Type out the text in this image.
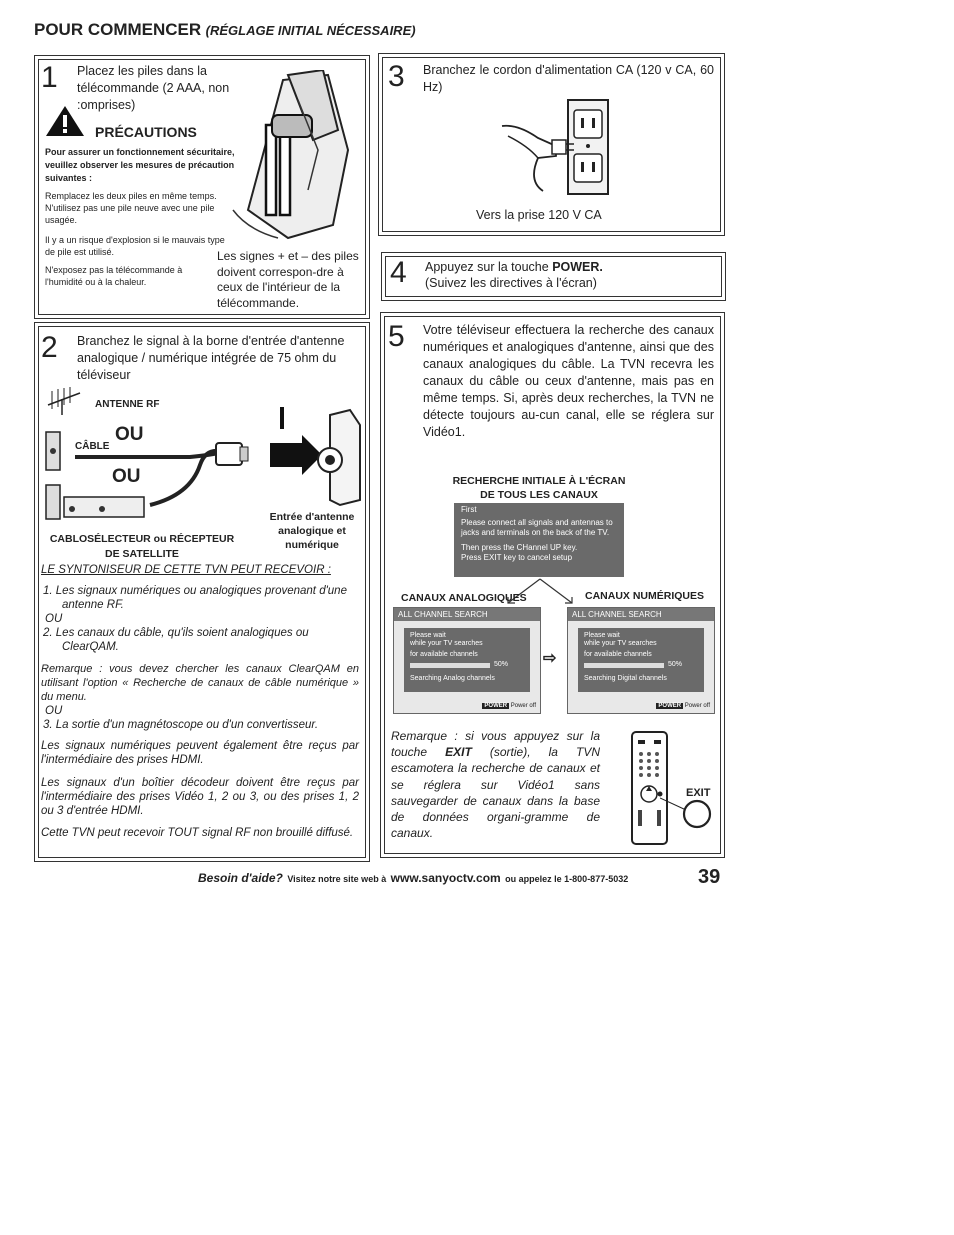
POUR COMMENCER (RÉGLAGE INITIAL NÉCESSAIRE)
1 Placez les piles dans la
télécommande (2 AAA, non
:omprises)
PRÉCAUTIONS
Pour assurer un fonctionnement sécuritaire, veuillez observer les mesures de précaution suivantes :
Remplacez les deux piles en même temps. N'utilisez pas une pile neuve avec une pile usagée.
Il y a un risque d'explosion si le mauvais type de pile est utilisé.
N'exposez pas la télécommande à l'humidité ou à la chaleur.
Les signes + et – des piles doivent correspon-dre à ceux de l'intérieur de la télécommande.
2 Branchez le signal à la borne d'entrée d'antenne analogique / numérique intégrée de 75 ohm du téléviseur
ANTENNE RF
OU
CÂBLE
OU
Entrée d'antenne analogique et numérique
CABLOSÉLECTEUR ou RÉCEPTEUR DE SATELLITE
LE SYNTONISEUR DE CETTE TVN PEUT RECEVOIR :
1. Les signaux numériques ou analogiques provenant d'une antenne RF.
OU
2. Les canaux du câble, qu'ils soient analogiques ou ClearQAM.
Remarque : vous devez chercher les canaux ClearQAM en utilisant l'option « Recherche de canaux de câble numérique » du menu.
OU
3. La sortie d'un magnétoscope ou d'un convertisseur.
Les signaux numériques peuvent également être reçus par l'intermédiaire des prises HDMI.
Les signaux d'un boîtier décodeur doivent être reçus par l'intermédiaire des prises Vidéo 1, 2 ou 3, ou des prises 1, 2 ou 3 d'entrée HDMI.
Cette TVN peut recevoir TOUT signal RF non brouillé diffusé.
3 Branchez le cordon d'alimentation CA (120 v CA, 60 Hz)
Vers la prise 120 V CA
4 Appuyez sur la touche POWER.
(Suivez les directives à l'écran)
5 Votre téléviseur effectuera la recherche des canaux numériques et analogiques d'antenne, ainsi que des canaux analogiques du câble. La TVN recevra les canaux du câble ou ceux d'antenne, mais pas en même temps. Si, après deux recherches, la TVN ne détecte toujours au-cun canal, elle se réglera sur Vidéo1.
RECHERCHE INITIALE À L'ÉCRAN DE TOUS LES CANAUX
First
Please connect all signals and antennas to jacks and terminals on the back of the TV.
Then press the CHannel UP key.
Press EXIT key to cancel setup
CANAUX ANALOGIQUES	CANAUX NUMÉRIQUES
ALL CHANNEL SEARCH
Please wait
while your TV searches
for available channels
50%
Searching Analog channels
POWER Power off
⇨
ALL CHANNEL SEARCH
Please wait
while your TV searches
for available channels
50%
Searching Digital channels
POWER Power off
Remarque : si vous appuyez sur la touche EXIT (sortie), la TVN escamotera la recherche de canaux et se réglera sur Vidéo1 sans sauvegarder de canaux dans la base de données organi-gramme de canaux.
EXIT
Besoin d'aide? Visitez notre site web à www.sanyoctv.com ou appelez le 1-800-877-5032	39
